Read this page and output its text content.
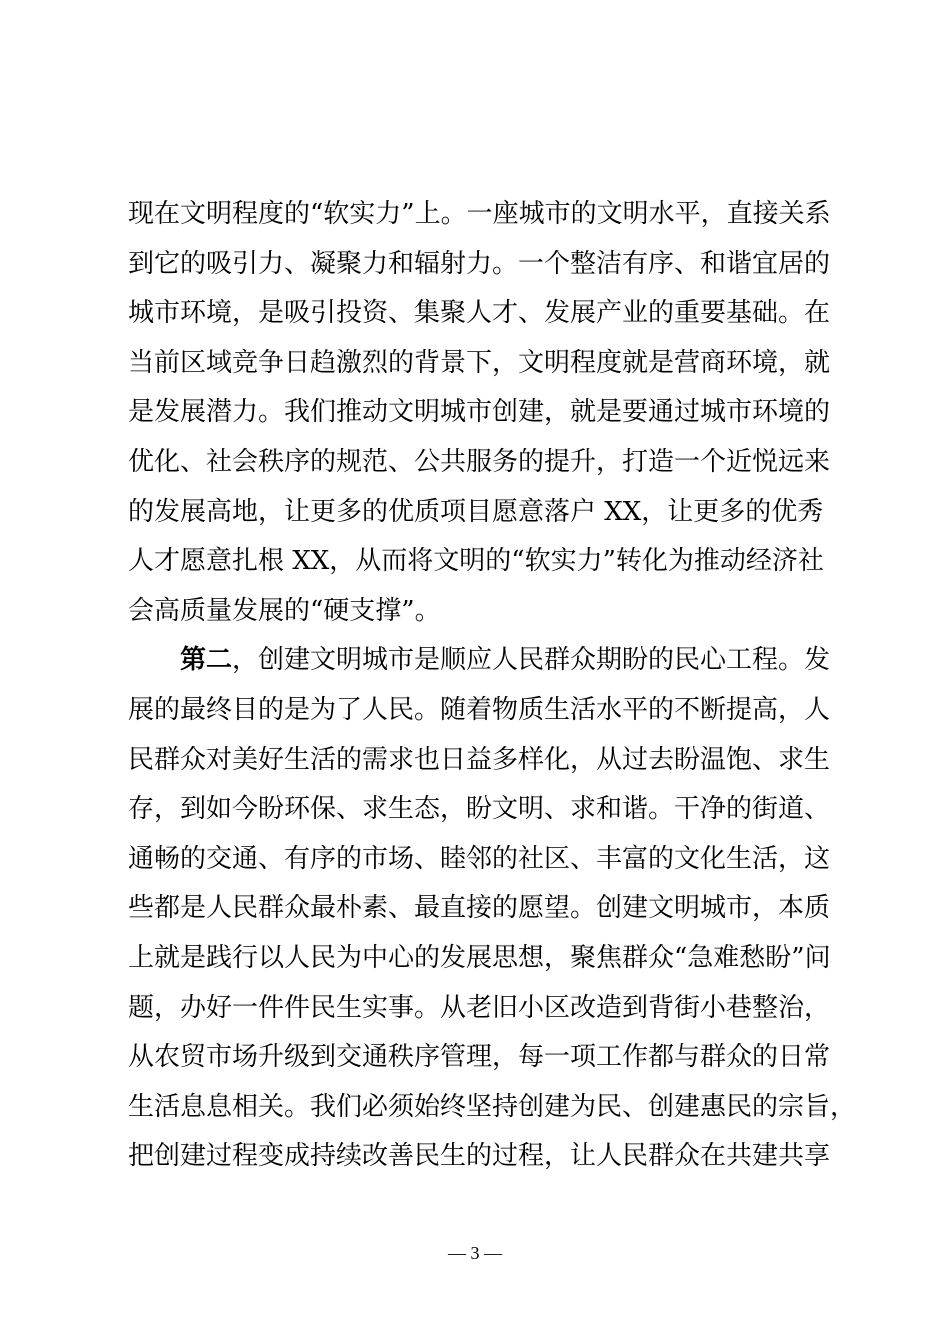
现在文明程度的“软实力”上。一座城市的文明水平，直接关系
到它的吸引力、凝聚力和辐射力。一个整洁有序、和谐宜居的
城市环境，是吸引投资、集聚人才、发展产业的重要基础。在
当前区域竞争日趋激烈的背景下，文明程度就是营商环境，就
是发展潜力。我们推动文明城市创建，就是要通过城市环境的
优化、社会秩序的规范、公共服务的提升，打造一个近悦远来
的发展高地，让更多的优质项目愿意落户 XX，让更多的优秀
人才愿意扎根 XX，从而将文明的“软实力”转化为推动经济社
会高质量发展的“硬支撑”。
第二，创建文明城市是顺应人民群众期盼的民心工程。发
展的最终目的是为了人民。随着物质生活水平的不断提高，人
民群众对美好生活的需求也日益多样化，从过去盼温饱、求生
存，到如今盼环保、求生态，盼文明、求和谐。干净的街道、
通畅的交通、有序的市场、睦邻的社区、丰富的文化生活，这
些都是人民群众最朴素、最直接的愿望。创建文明城市，本质
上就是践行以人民为中心的发展思想，聚焦群众“急难愁盼”问
题，办好一件件民生实事。从老旧小区改造到背街小巷整治，
从农贸市场升级到交通秩序管理，每一项工作都与群众的日常
生活息息相关。我们必须始终坚持创建为民、创建惠民的宗旨，
把创建过程变成持续改善民生的过程，让人民群众在共建共享
— 3 —
